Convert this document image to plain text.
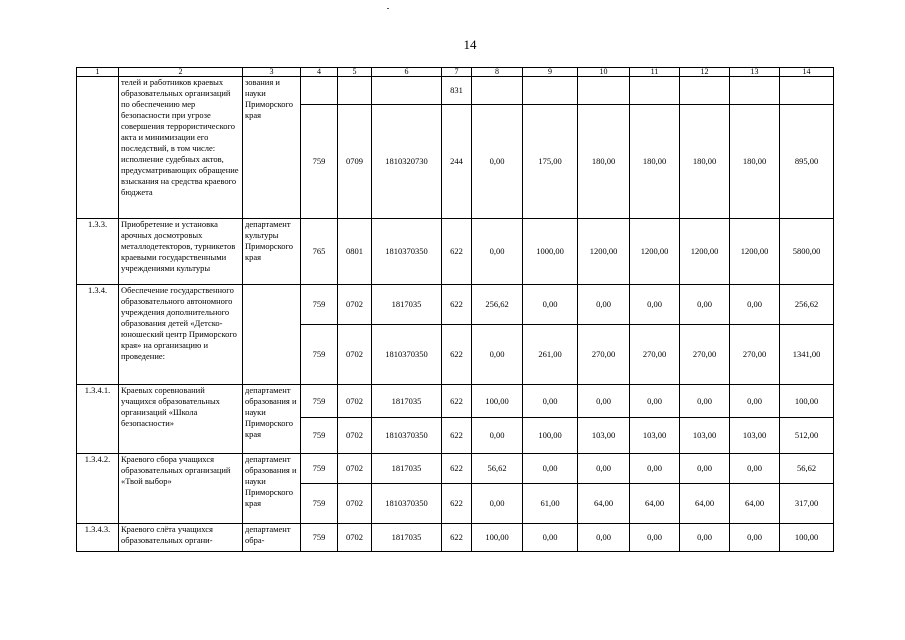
14
1	2	3	4	5	6	7	8	9	10	11	12	13	14
	телей и работников краевых образовательных организаций по обеспечению мер безопасности при угрозе совершения террористического акта и минимизации его последствий, в том числе: исполнение судебных актов, предусматривающих обращение взыскания на средства краевого бюджета	зования и науки Приморского края				831							
			759	0709	1810320730	244	0,00	175,00	180,00	180,00	180,00	180,00	895,00
1.3.3.	Приобретение и установка арочных досмотровых металлодетекторов, турникетов краевыми государственными учреждениями культуры	департамент культуры Приморского края	765	0801	1810370350	622	0,00	1000,00	1200,00	1200,00	1200,00	1200,00	5800,00
1.3.4.	Обеспечение государственного образовательного автономного учреждения дополнительного образования детей «Детско-юношеский центр Приморского края» на организацию и проведение:		759	0702	1817035	622	256,62	0,00	0,00	0,00	0,00	0,00	256,62
			759	0702	1810370350	622	0,00	261,00	270,00	270,00	270,00	270,00	1341,00
1.3.4.1.	Краевых соревнований учащихся образовательных организаций «Школа безопасности»	департамент образования и науки Приморского края	759	0702	1817035	622	100,00	0,00	0,00	0,00	0,00	0,00	100,00
			759	0702	1810370350	622	0,00	100,00	103,00	103,00	103,00	103,00	512,00
1.3.4.2.	Краевого сбора учащихся образовательных организаций «Твой выбор»	департамент образования и науки Приморского края	759	0702	1817035	622	56,62	0,00	0,00	0,00	0,00	0,00	56,62
			759	0702	1810370350	622	0,00	61,00	64,00	64,00	64,00	64,00	317,00
1.3.4.3.	Краевого слёта учащихся образовательных органи-	департамент обра-	759	0702	1817035	622	100,00	0,00	0,00	0,00	0,00	0,00	100,00
